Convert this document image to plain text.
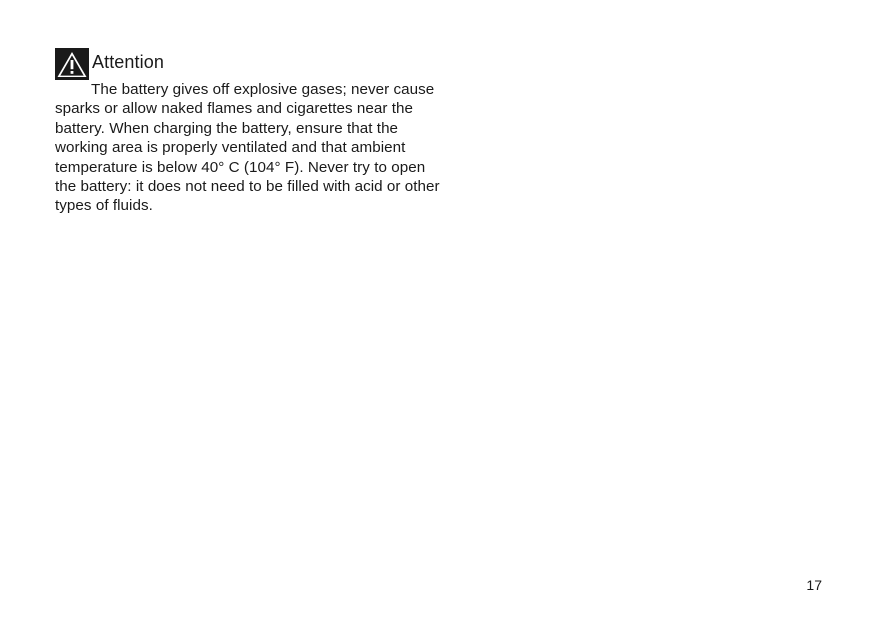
Attention

The battery gives off explosive gases; never cause sparks or allow naked flames and cigarettes near the battery. When charging the battery, ensure that the working area is properly ventilated and that ambient temperature is below 40° C (104° F). Never try to open the battery: it does not need to be filled with acid or other types of fluids.

17
